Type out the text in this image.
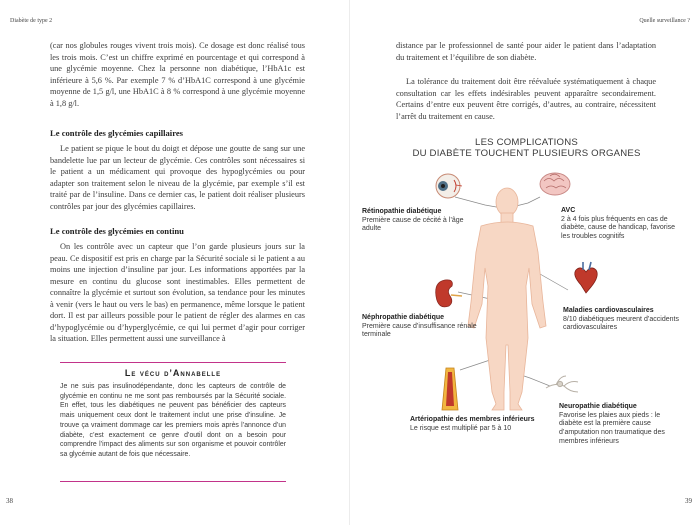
Diabète de type 2

(car nos globules rouges vivent trois mois). Ce dosage est donc réalisé tous les trois mois. C’est un chiffre exprimé en pourcentage et qui correspond à une glycémie moyenne. Chez la personne non diabétique, l’HbA1c est inférieure à 5,6 %. Par exemple 7 % d’HbA1C correspond à une glycémie moyenne de 1,5 g/l, une HbA1C à 8 % correspond à une glycémie moyenne à 1,8 g/l.

Le contrôle des glycémies capillaires

Le patient se pique le bout du doigt et dépose une goutte de sang sur une bandelette lue par un lecteur de glycémie. Ces contrôles sont nécessaires si le patient a un médicament qui provoque des hypoglycémies ou pour adapter son traitement selon le niveau de la glycémie, par exemple s’il est traité par de l’insuline. Dans ce dernier cas, le patient doit réaliser plusieurs contrôles par jour des glycémies capillaires.

Le contrôle des glycémies en continu

On les contrôle avec un capteur que l’on garde plusieurs jours sur la peau. Ce dispositif est pris en charge par la Sécurité sociale si le patient a au moins une injection d’insuline par jour. Les informations apportées par la mesure en continu du glucose sont inestimables. Elles permettent de connaître la glycémie et surtout son évolution, sa tendance pour les minutes à venir (vers le haut ou vers le bas) en permanence, même lorsque le patient dort. Il est par ailleurs possible pour le patient de régler des alarmes en cas d’hypoglycémie ou d’hyperglycémie, ce qui lui permet d’agir pour corriger la situation. Elles permettent aussi une surveillance à

Le vécu d’Annabelle

Je ne suis pas insulinodépendante, donc les capteurs de contrôle de glycémie en continu ne me sont pas remboursés par la Sécurité sociale. En effet, tous les diabétiques ne peuvent pas bénéficier des capteurs mais uniquement ceux dont le traitement inclut une prise d’insuline. Je trouve ça vraiment dommage car les premiers mois après l’annonce d’un diabète, c’est exactement ce genre d’outil dont on a besoin pour comprendre l’impact des aliments sur son organisme et pouvoir contrôler sa glycémie autant de fois que nécessaire.

38
Quelle surveillance ?

distance par le professionnel de santé pour aider le patient dans l’adaptation du traitement et l’équilibre de son diabète.

La tolérance du traitement doit être réévaluée systématiquement à chaque consultation car les effets indésirables peuvent apparaître secondairement. Certains d’entre eux peuvent être corrigés, d’autres, au contraire, nécessitent l’arrêt du traitement en cause.

LES COMPLICATIONS
DU DIABÈTE TOUCHENT PLUSIEURS ORGANES
Rétinopathie diabétique
Première cause de cécité à l’âge adulte
AVC
2 à 4 fois plus fréquents en cas de diabète, cause de handicap, favorise les troubles cognitifs
Néphropathie diabétique
Première cause d’insuffisance rénale terminale
Maladies cardiovasculaires
8/10 diabétiques meurent d’accidents cardiovasculaires
Artériopathie des membres inférieurs
Le risque est multiplié par 5 à 10
Neuropathie diabétique
Favorise les plaies aux pieds : le diabète est la première cause d’amputation non traumatique des membres inférieurs
39
